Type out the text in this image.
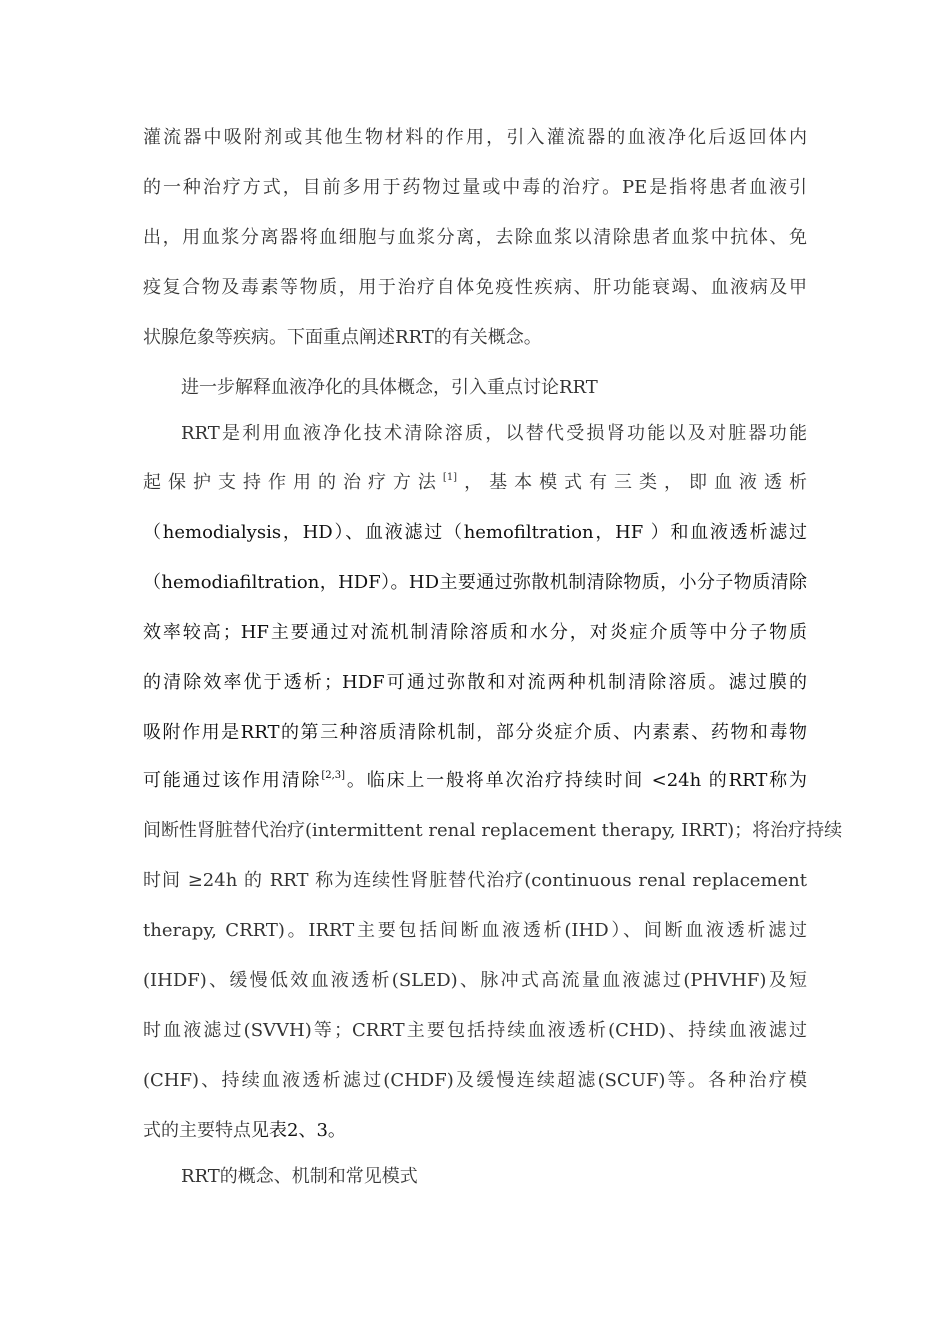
灌流器中吸附剂或其他生物材料的作用，引入灌流器的血液净化后返回体内
的一种治疗方式，目前多用于药物过量或中毒的治疗。PE是指将患者血液引
出，用血浆分离器将血细胞与血浆分离，去除血浆以清除患者血浆中抗体、免
疫复合物及毒素等物质，用于治疗自体免疫性疾病、肝功能衰竭、血液病及甲
状腺危象等疾病。下面重点阐述RRT的有关概念。
进一步解释血液净化的具体概念，引入重点讨论RRT
RRT是利用血液净化技术清除溶质，以替代受损肾功能以及对脏器功能
起保护支持作用的治疗方法[1]，基本模式有三类，即血液透析
（hemodialysis，HD）、血液滤过（hemofiltration，HF ）和血液透析滤过
（hemodiafiltration，HDF）。HD主要通过弥散机制清除物质，小分子物质清除
效率较高；HF主要通过对流机制清除溶质和水分，对炎症介质等中分子物质
的清除效率优于透析；HDF可通过弥散和对流两种机制清除溶质。滤过膜的
吸附作用是RRT的第三种溶质清除机制，部分炎症介质、内素素、药物和毒物
可能通过该作用清除[2,3]。临床上一般将单次治疗持续时间 <24h 的RRT称为
间断性肾脏替代治疗(intermittent renal replacement therapy, IRRT)；将治疗持续
时间 ≥24h 的 RRT 称为连续性肾脏替代治疗(continuous renal replacement
therapy, CRRT)。IRRT主要包括间断血液透析(IHD）、间断血液透析滤过
(IHDF)、缓慢低效血液透析(SLED)、脉冲式高流量血液滤过(PHVHF)及短
时血液滤过(SVVH)等；CRRT主要包括持续血液透析(CHD)、持续血液滤过
(CHF)、持续血液透析滤过(CHDF)及缓慢连续超滤(SCUF)等。各种治疗模
式的主要特点见表2、3。
RRT的概念、机制和常见模式
